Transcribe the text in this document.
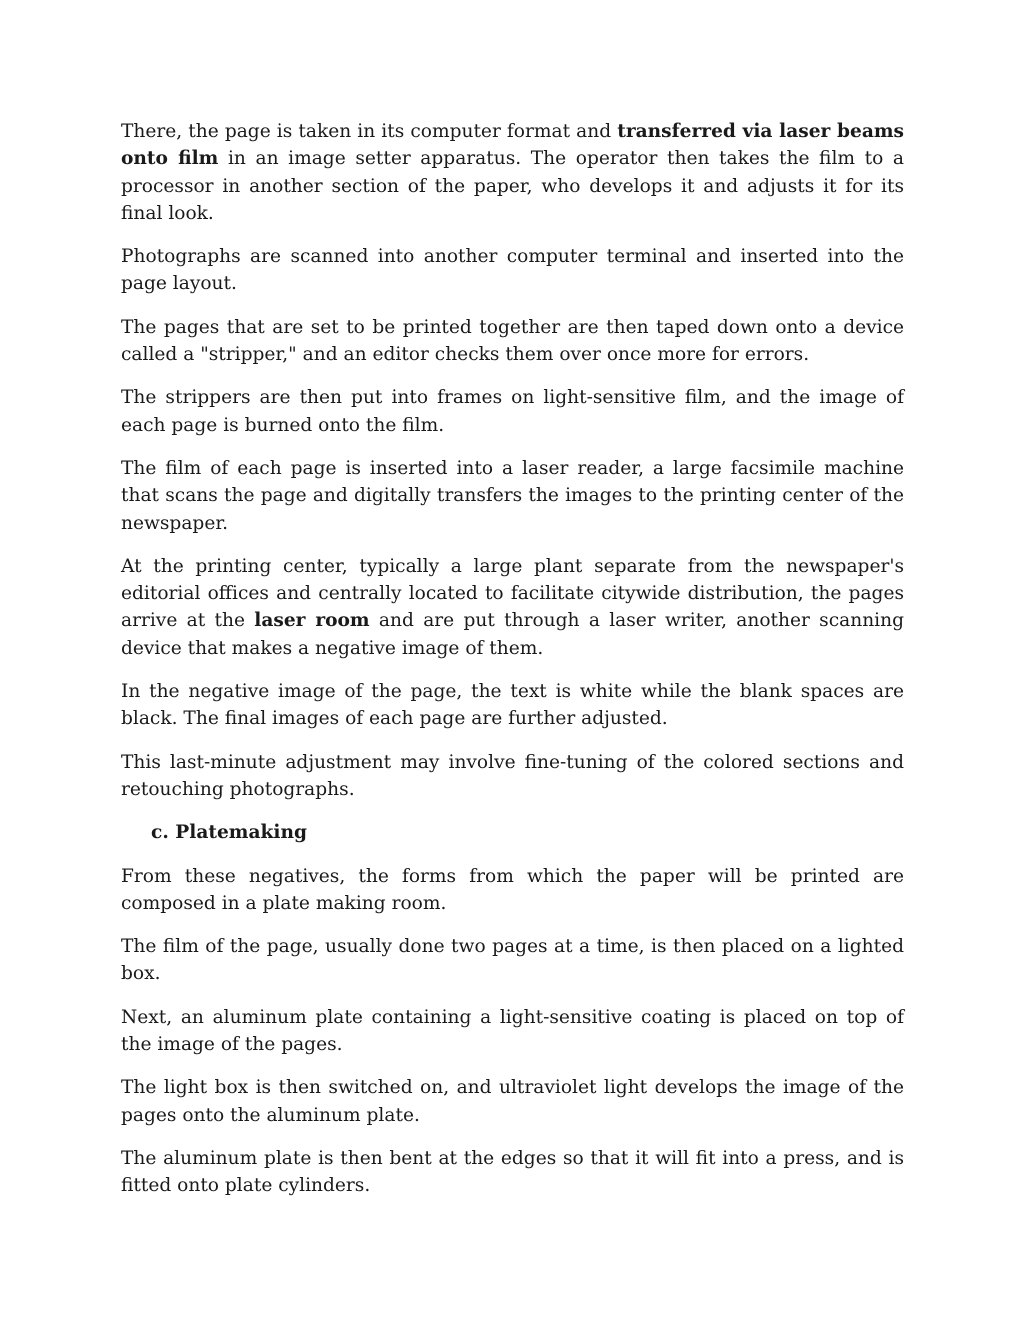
There, the page is taken in its computer format and transferred via laser beams onto film in an image setter apparatus. The operator then takes the film to a processor in another section of the paper, who develops it and adjusts it for its final look.

Photographs are scanned into another computer terminal and inserted into the page layout.

The pages that are set to be printed together are then taped down onto a device called a "stripper," and an editor checks them over once more for errors.

The strippers are then put into frames on light-sensitive film, and the image of each page is burned onto the film.

The film of each page is inserted into a laser reader, a large facsimile machine that scans the page and digitally transfers the images to the printing center of the newspaper.

At the printing center, typically a large plant separate from the newspaper's editorial offices and centrally located to facilitate citywide distribution, the pages arrive at the laser room and are put through a laser writer, another scanning device that makes a negative image of them.

In the negative image of the page, the text is white while the blank spaces are black. The final images of each page are further adjusted.

This last-minute adjustment may involve fine-tuning of the colored sections and retouching photographs.

c. Platemaking

From these negatives, the forms from which the paper will be printed are composed in a plate making room.

The film of the page, usually done two pages at a time, is then placed on a lighted box.

Next, an aluminum plate containing a light-sensitive coating is placed on top of the image of the pages.

The light box is then switched on, and ultraviolet light develops the image of the pages onto the aluminum plate.

The aluminum plate is then bent at the edges so that it will fit into a press, and is fitted onto plate cylinders.
